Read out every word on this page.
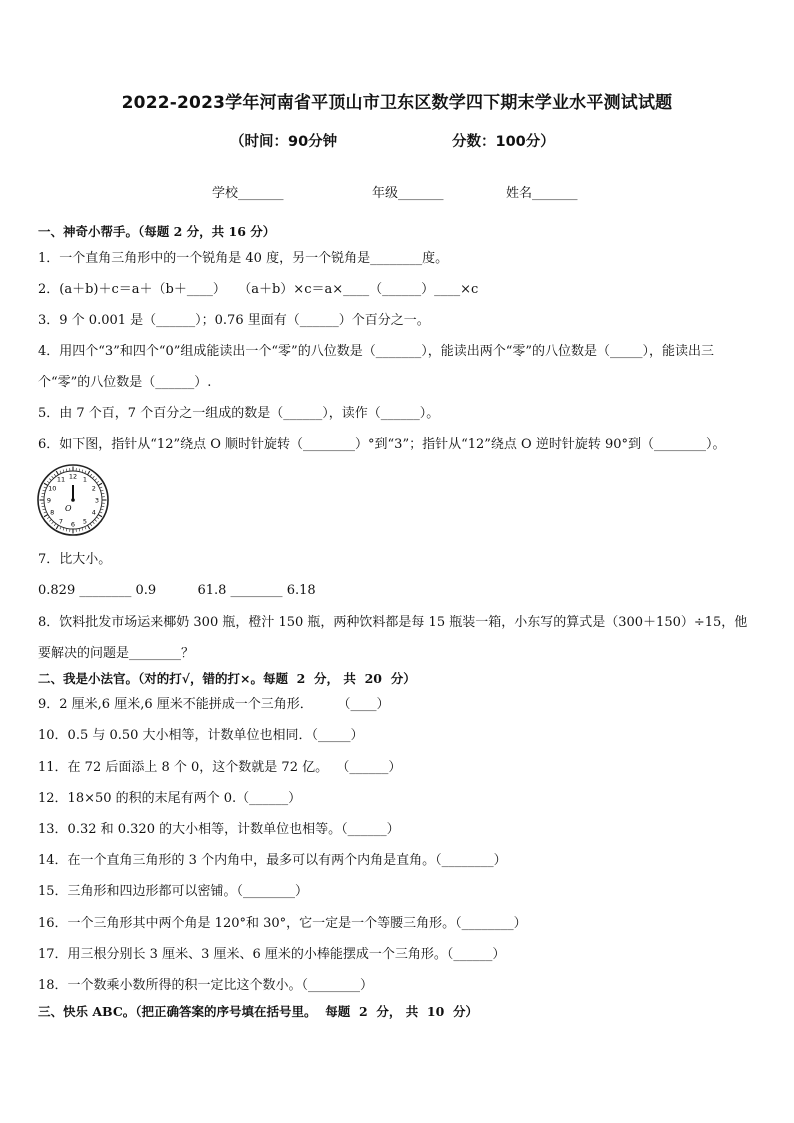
2022-2023学年河南省平顶山市卫东区数学四下期末学业水平测试试题
（时间：90分钟	分数：100分）
学校_______	年级_______	姓名_______
一、神奇小帮手。（每题 2 分，共 16 分）
1．一个直角三角形中的一个锐角是 40 度，另一个锐角是________度。
2．(a＋b)＋c＝a＋（b＋____）   （a＋b）×c＝a×____（______）____×c
3．9 个 0.001 是（______）；0.76 里面有（______）个百分之一。
4．用四个“3”和四个“0”组成能读出一个“零”的八位数是（_______），能读出两个“零”的八位数是（_____），能读出三
个“零”的八位数是（______）.
5．由 7 个百，7 个百分之一组成的数是（______），读作（______）。
6．如下图，指针从“12”绕点 O 顺时针旋转（________）°到“3”；指针从“12”绕点 O 逆时针旋转 90°到（________）。
12 1
2
3
4
5
6
7
8
9
10
11
O
7．比大小。
0.829 ________ 0.9          61.8 ________ 6.18
8．饮料批发市场运来椰奶 300 瓶，橙汁 150 瓶，两种饮料都是每 15 瓶装一箱，小东写的算式是（300＋150）÷15，他
要解决的问题是________？
二、我是小法官。（对的打√，错的打×。每题  2  分， 共  20  分）
9．2 厘米,6 厘米,6 厘米不能拼成一个三角形．      （____）
10．0.5 与 0.50 大小相等，计数单位也相同．（_____）
11．在 72 后面添上 8 个 0，这个数就是 72 亿。  （______）
12．18×50 的积的末尾有两个 0.（______）
13．0.32 和 0.320 的大小相等，计数单位也相等。（______）
14．在一个直角三角形的 3 个内角中，最多可以有两个内角是直角。（________）
15．三角形和四边形都可以密铺。（________）
16．一个三角形其中两个角是 120°和 30°，它一定是一个等腰三角形。（________）
17．用三根分别长 3 厘米、3 厘米、6 厘米的小棒能摆成一个三角形。（______）
18．一个数乘小数所得的积一定比这个数小。（________）
三、快乐 ABC。（把正确答案的序号填在括号里。  每题  2  分， 共  10  分）
